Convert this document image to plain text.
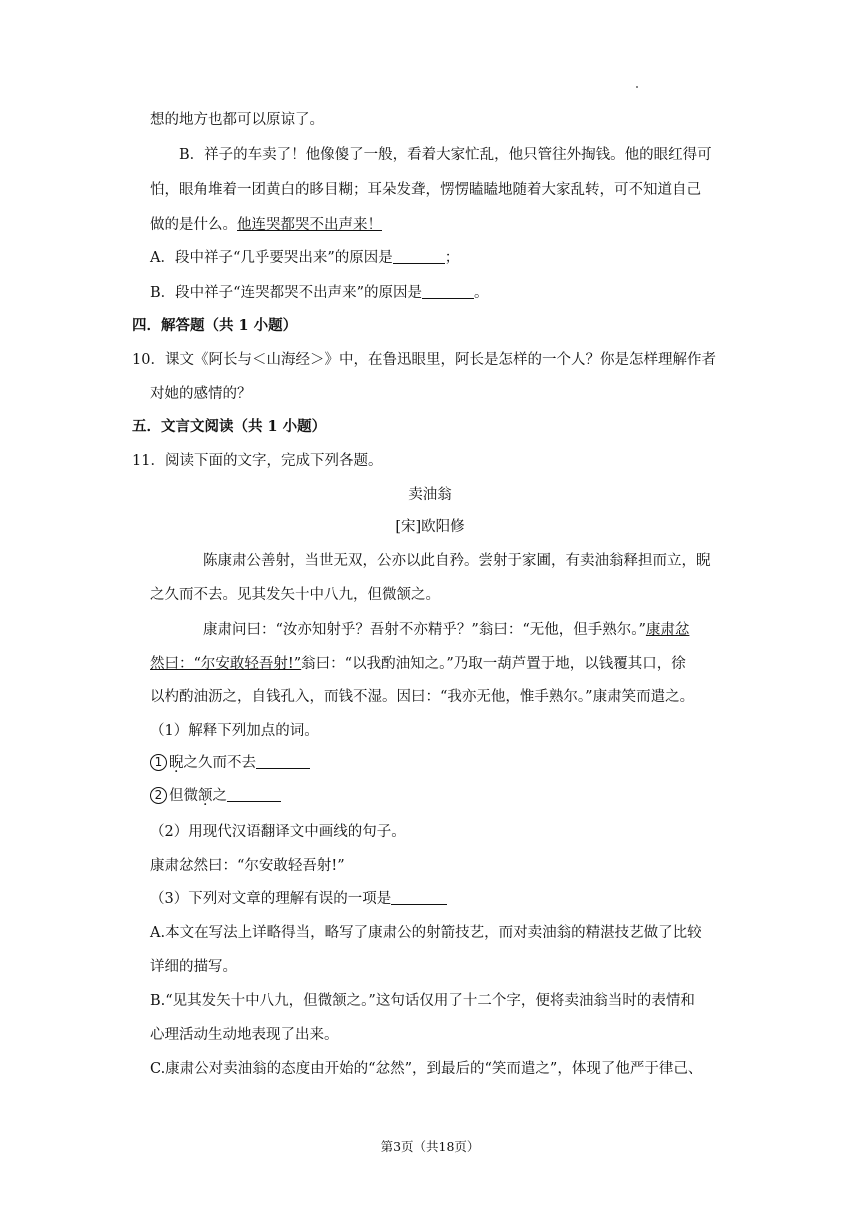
想的地方也都可以原谅了。
B．祥子的车卖了！他像傻了一般，看着大家忙乱，他只管往外掏钱。他的眼红得可
怕，眼角堆着一团黄白的眵目糊；耳朵发聋，愣愣瞌瞌地随着大家乱转，可不知道自己
做的是什么。他连哭都哭不出声来！
A．段中祥子“几乎要哭出来”的原因是	；
B．段中祥子“连哭都哭不出声来”的原因是	。
四．解答题（共 1 小题）
10．课文《阿长与＜山海经＞》中，在鲁迅眼里，阿长是怎样的一个人？你是怎样理解作者
对她的感情的？
五．文言文阅读（共 1 小题）
11．阅读下面的文字，完成下列各题。
卖油翁
[宋]欧阳修
陈康肃公善射，当世无双，公亦以此自矜。尝射于家圃，有卖油翁释担而立，睨
之久而不去。见其发矢十中八九，但微颔之。
康肃问曰：“汝亦知射乎？吾射不亦精乎？”翁曰：“无他，但手熟尔。”康肃忿
然曰：“尔安敢轻吾射!”翁曰：“以我酌油知之。”乃取一葫芦置于地，以钱覆其口，徐
以杓酌油沥之，自钱孔入，而钱不湿。因曰：“我亦无他，惟手熟尔。”康肃笑而遣之。
（1）解释下列加点的词。
1 睨之久而不去
2 但微颔之
（2）用现代汉语翻译文中画线的句子。
康肃忿然曰：“尔安敢轻吾射!”
（3）下列对文章的理解有误的一项是
A.本文在写法上详略得当，略写了康肃公的射箭技艺，而对卖油翁的精湛技艺做了比较
详细的描写。
B.“见其发矢十中八九，但微颔之。”这句话仅用了十二个字，便将卖油翁当时的表情和
心理活动生动地表现了出来。
C.康肃公对卖油翁的态度由开始的“忿然”，到最后的“笑而遣之”，体现了他严于律己、
第3页（共18页）
